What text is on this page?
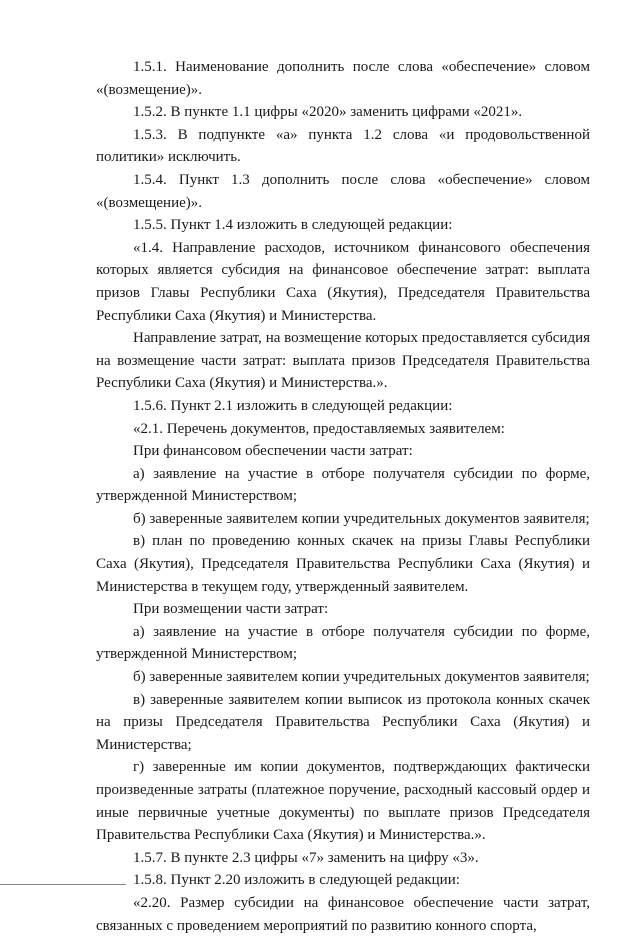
1.5.1. Наименование дополнить после слова «обеспечение» словом «(возмещение)».

1.5.2. В пункте 1.1 цифры «2020» заменить цифрами «2021».

1.5.3. В подпункте «а» пункта 1.2 слова «и продовольственной политики» исключить.

1.5.4. Пункт 1.3 дополнить после слова «обеспечение» словом «(возмещение)».

1.5.5. Пункт 1.4 изложить в следующей редакции:

«1.4. Направление расходов, источником финансового обеспечения которых является субсидия на финансовое обеспечение затрат: выплата призов Главы Республики Саха (Якутия), Председателя Правительства Республики Саха (Якутия) и Министерства.

Направление затрат, на возмещение которых предоставляется субсидия на возмещение части затрат: выплата призов Председателя Правительства Республики Саха (Якутия) и Министерства.».

1.5.6. Пункт 2.1 изложить в следующей редакции:

«2.1. Перечень документов, предоставляемых заявителем:

При финансовом обеспечении части затрат:

а) заявление на участие в отборе получателя субсидии по форме, утвержденной Министерством;

б) заверенные заявителем копии учредительных документов заявителя;

в) план по проведению конных скачек на призы Главы Республики Саха (Якутия), Председателя Правительства Республики Саха (Якутия) и Министерства в текущем году, утвержденный заявителем.

При возмещении части затрат:

а) заявление на участие в отборе получателя субсидии по форме, утвержденной Министерством;

б) заверенные заявителем копии учредительных документов заявителя;

в) заверенные заявителем копии выписок из протокола конных скачек на призы Председателя Правительства Республики Саха (Якутия) и Министерства;

г) заверенные им копии документов, подтверждающих фактически произведенные затраты (платежное поручение, расходный кассовый ордер и иные первичные учетные документы) по выплате призов Председателя Правительства Республики Саха (Якутия) и Министерства.».

1.5.7. В пункте 2.3 цифры «7» заменить на цифру «3».

1.5.8. Пункт 2.20 изложить в следующей редакции:

«2.20. Размер субсидии на финансовое обеспечение части затрат, связанных с проведением мероприятий по развитию конного спорта,
